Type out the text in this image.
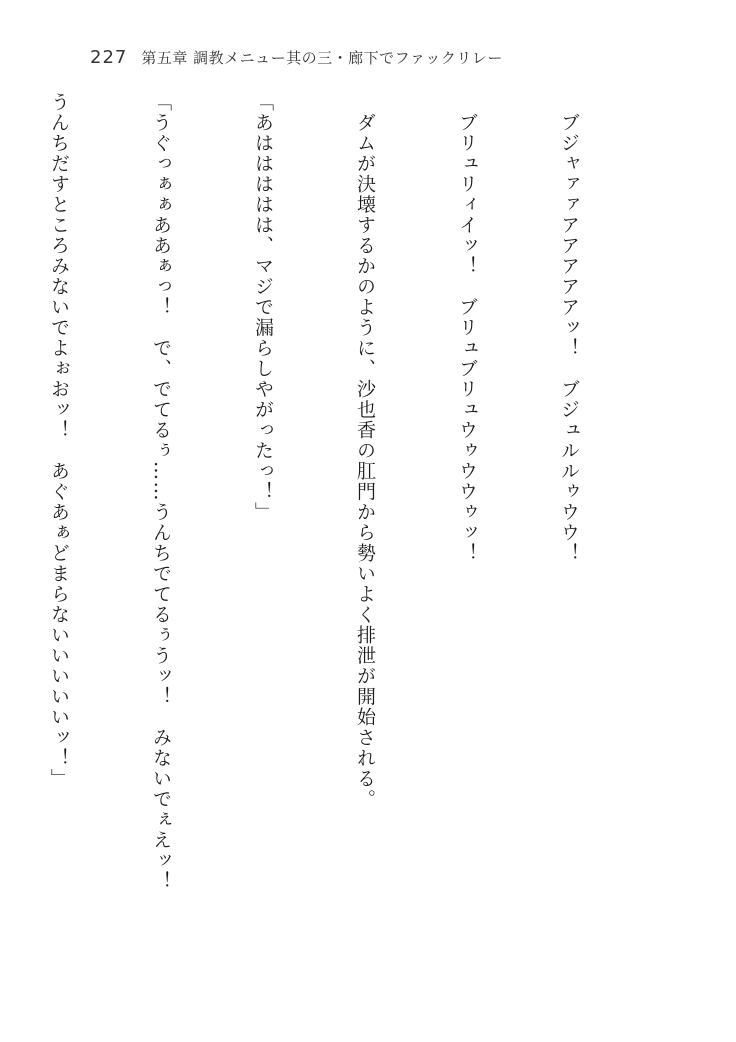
227 第五章 調教メニュー其の三・廊下でファックリレー

　ブジャァァアアアアアッ！　ブジュルルゥウウ！

　ブリュリィイッ！　ブリュブリュウゥウウゥッ！

　ダムが決壊するかのように、沙也香の肛門から勢いよく排泄が開始される。

「あははははは、マジで漏らしやがったっ！」

「うぐっぁぁああぁっ！　で、でてるぅ……うんちでてるぅうッ！　みないでぇえッ！

うんちだすところみないでよぉおッ！　あぐあぁどまらないいいいいッ！」
